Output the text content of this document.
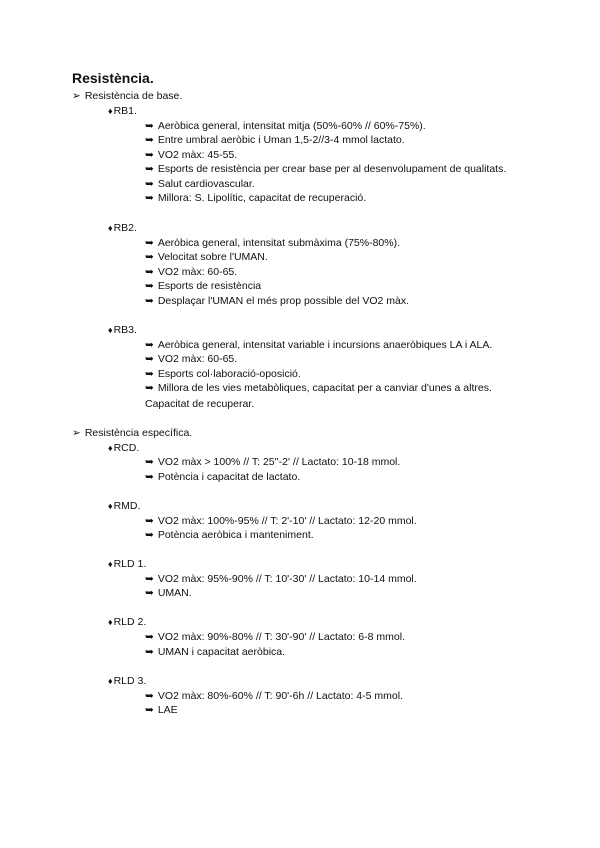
Resistència.
➢ Resistència de base.
♦RB1.
➥ Aeròbica general, intensitat mitja (50%-60% // 60%-75%).
➥ Entre umbral aeròbic i Uman 1,5-2//3-4 mmol lactato.
➥ VO2 màx: 45-55.
➥ Esports de resistència per crear base per al desenvolupament de qualitats.
➥ Salut cardiovascular.
➥ Millora: S. Lipolític, capacitat de recuperació.
♦RB2.
➥ Aeròbica general, intensitat submàxima (75%-80%).
➥ Velocitat sobre l'UMAN.
➥ VO2 màx: 60-65.
➥ Esports de resistència
➥ Desplaçar l'UMAN el més prop possible del VO2 màx.
♦RB3.
➥ Aeròbica general, intensitat variable i incursions anaeròbiques LA i ALA.
➥ VO2 màx: 60-65.
➥ Esports col·laboració-oposició.
➥ Millora de les vies metabòliques, capacitat per a canviar d'unes a altres.
Capacitat de recuperar.
➢ Resistència específica.
♦RCD.
➥ VO2 màx > 100% // T: 25''-2' // Lactato: 10-18 mmol.
➥ Potència i capacitat de lactato.
♦RMD.
➥ VO2 màx: 100%-95% // T: 2'-10' // Lactato: 12-20 mmol.
➥ Potència aeròbica i manteniment.
♦RLD 1.
➥ VO2 màx: 95%-90% // T: 10'-30' // Lactato: 10-14 mmol.
➥ UMAN.
♦RLD 2.
➥ VO2 màx: 90%-80% // T: 30'-90' // Lactato: 6-8 mmol.
➥ UMAN i capacitat aeròbica.
♦RLD 3.
➥ VO2 màx: 80%-60% // T: 90'-6h // Lactato: 4-5 mmol.
➥ LAE
